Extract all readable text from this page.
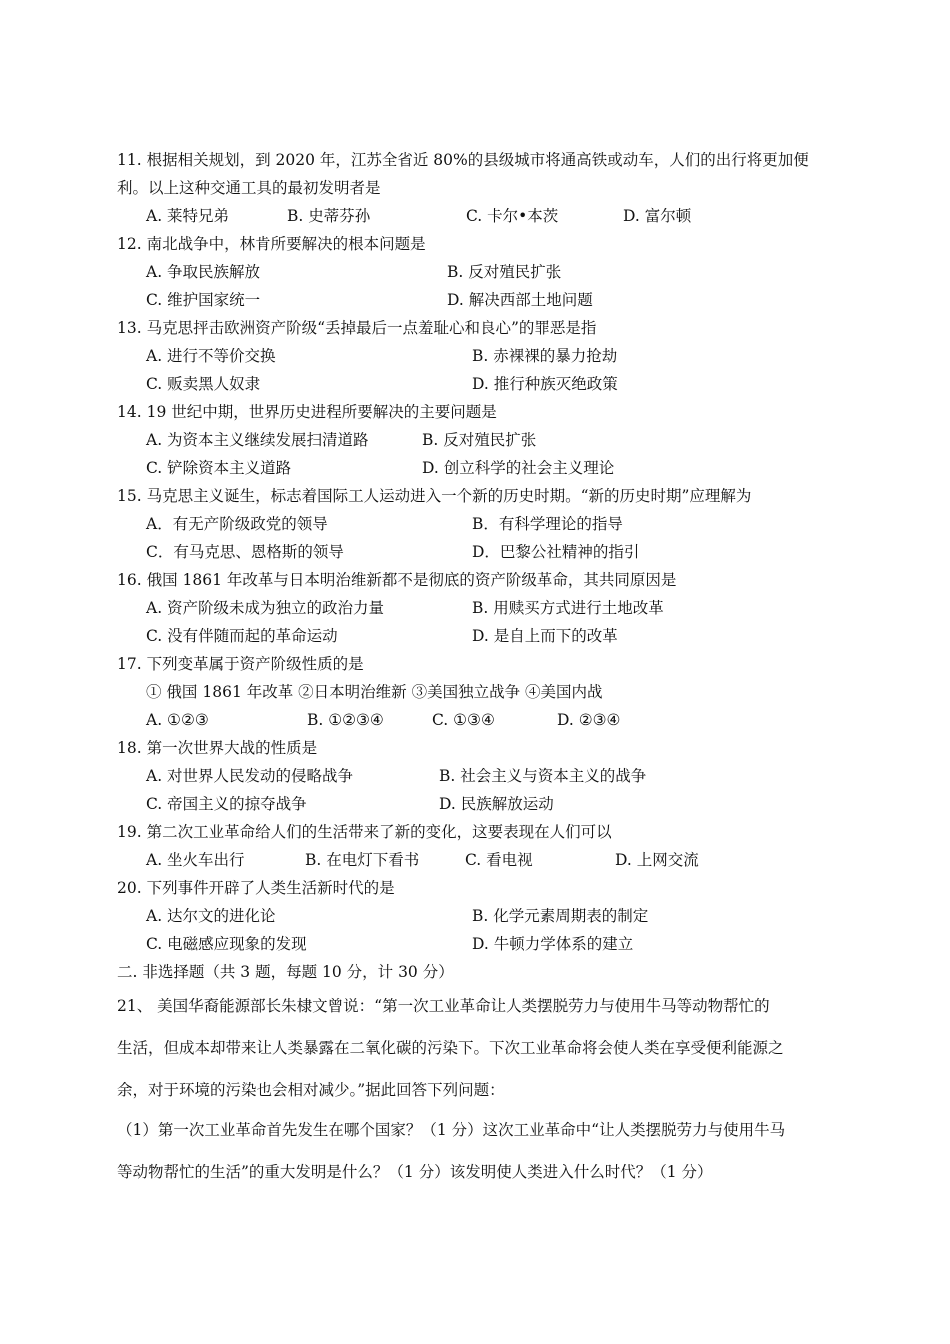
11. 根据相关规划，到 2020 年，江苏全省近 80%的县级城市将通高铁或动车，人们的出行将更加便
利。以上这种交通工具的最初发明者是
A. 莱特兄弟	B. 史蒂芬孙	C. 卡尔•本茨	D. 富尔顿
12. 南北战争中，林肯所要解决的根本问题是
A. 争取民族解放	B. 反对殖民扩张
C. 维护国家统一	D. 解决西部土地问题
13. 马克思抨击欧洲资产阶级“丢掉最后一点羞耻心和良心”的罪恶是指
A. 进行不等价交换	B. 赤裸裸的暴力抢劫
C. 贩卖黑人奴隶	D. 推行种族灭绝政策
14. 19 世纪中期，世界历史进程所要解决的主要问题是
A. 为资本主义继续发展扫清道路	B. 反对殖民扩张
C. 铲除资本主义道路	D. 创立科学的社会主义理论
15. 马克思主义诞生，标志着国际工人运动进入一个新的历史时期。“新的历史时期”应理解为
A．有无产阶级政党的领导	B．有科学理论的指导
C．有马克思、恩格斯的领导	D．巴黎公社精神的指引
16. 俄国 1861 年改革与日本明治维新都不是彻底的资产阶级革命，其共同原因是
A. 资产阶级未成为独立的政治力量	B. 用赎买方式进行土地改革
C. 没有伴随而起的革命运动	D. 是自上而下的改革
17. 下列变革属于资产阶级性质的是
① 俄国 1861 年改革 ②日本明治维新 ③美国独立战争 ④美国内战
A. ①②③	B. ①②③④	C. ①③④	D. ②③④
18. 第一次世界大战的性质是
A. 对世界人民发动的侵略战争	B. 社会主义与资本主义的战争
C. 帝国主义的掠夺战争	D. 民族解放运动
19. 第二次工业革命给人们的生活带来了新的变化，这要表现在人们可以
A. 坐火车出行	B. 在电灯下看书	C. 看电视	D. 上网交流
20. 下列事件开辟了人类生活新时代的是
A. 达尔文的进化论	B. 化学元素周期表的制定
C. 电磁感应现象的发现	D. 牛顿力学体系的建立
二. 非选择题（共 3 题，每题 10 分，计 30 分）
21、 美国华裔能源部长朱棣文曾说：“第一次工业革命让人类摆脱劳力与使用牛马等动物帮忙的
生活，但成本却带来让人类暴露在二氧化碳的污染下。下次工业革命将会使人类在享受便利能源之
余，对于环境的污染也会相对减少。”据此回答下列问题：
（1）第一次工业革命首先发生在哪个国家？（1 分）这次工业革命中“让人类摆脱劳力与使用牛马
等动物帮忙的生活”的重大发明是什么？（1 分）该发明使人类进入什么时代？（1 分）
